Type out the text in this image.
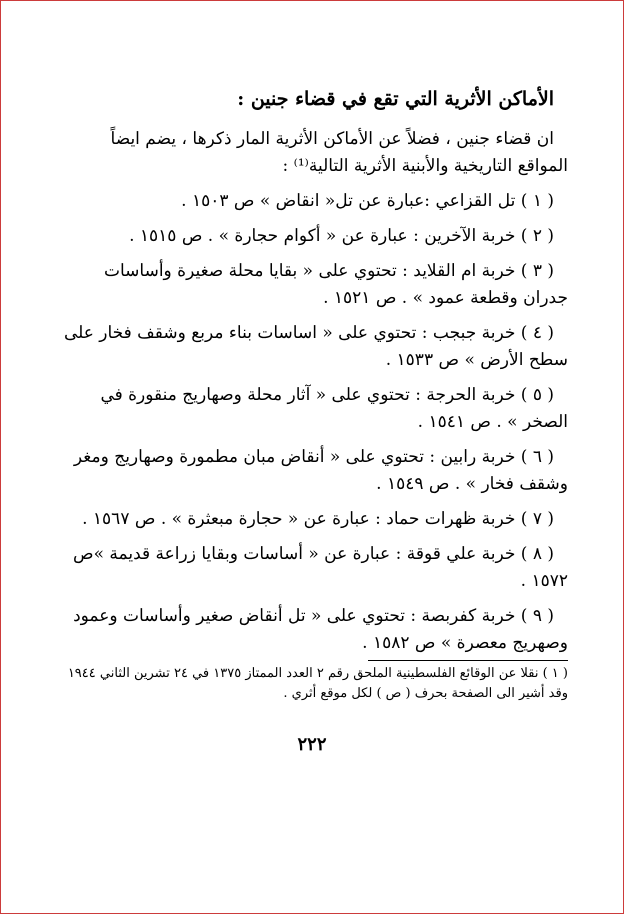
الأماكن الأثرية التي تقع في قضاء جنين :
ان قضاء جنين ، فضلاً عن الأماكن الأثرية المار ذكرها ، يضم ايضاً المواقع التاريخية والأبنية الأثرية التالية⁽¹⁾ :
( ١ ) تل القزاعي :عبارة عن تل« انقاض » ص ١٥٠٣ .
( ٢ ) خربة الآخرين : عبارة عن « أكوام حجارة » . ص ١٥١٥ .
( ٣ ) خربة ام القلايد : تحتوي على « بقايا محلة صغيرة وأساسات جدران وقطعة عمود » . ص ١٥٢١ .
( ٤ ) خربة جبجب : تحتوي على « اساسات بناء مربع وشقف فخار على سطح الأرض » ص ١٥٣٣ .
( ٥ ) خربة الحرجة : تحتوي على « آثار محلة وصهاريج منقورة في الصخر » . ص ١٥٤١ .
( ٦ ) خربة رابين : تحتوي على « أنقاض مبان مطمورة وصهاريج ومغر وشقف فخار » . ص ١٥٤٩ .
( ٧ ) خربة ظهرات حماد : عبارة عن « حجارة مبعثرة » . ص ١٥٦٧ .
( ٨ ) خربة علي قوقة : عبارة عن « أساسات وبقايا زراعة قديمة »ص ١٥٧٢ .
( ٩ ) خربة كفربصة : تحتوي على « تل أنقاض صغير وأساسات وعمود وصهريج معصرة » ص ١٥٨٢ .
( ١ ) نقلا عن الوقائع الفلسطينية الملحق رقم ٢ العدد الممتاز ١٣٧٥ في ٢٤ تشرين الثاني ١٩٤٤
وقد أشير الى الصفحة بحرف ( ص ) لكل موقع أثري .
٢٢٢
